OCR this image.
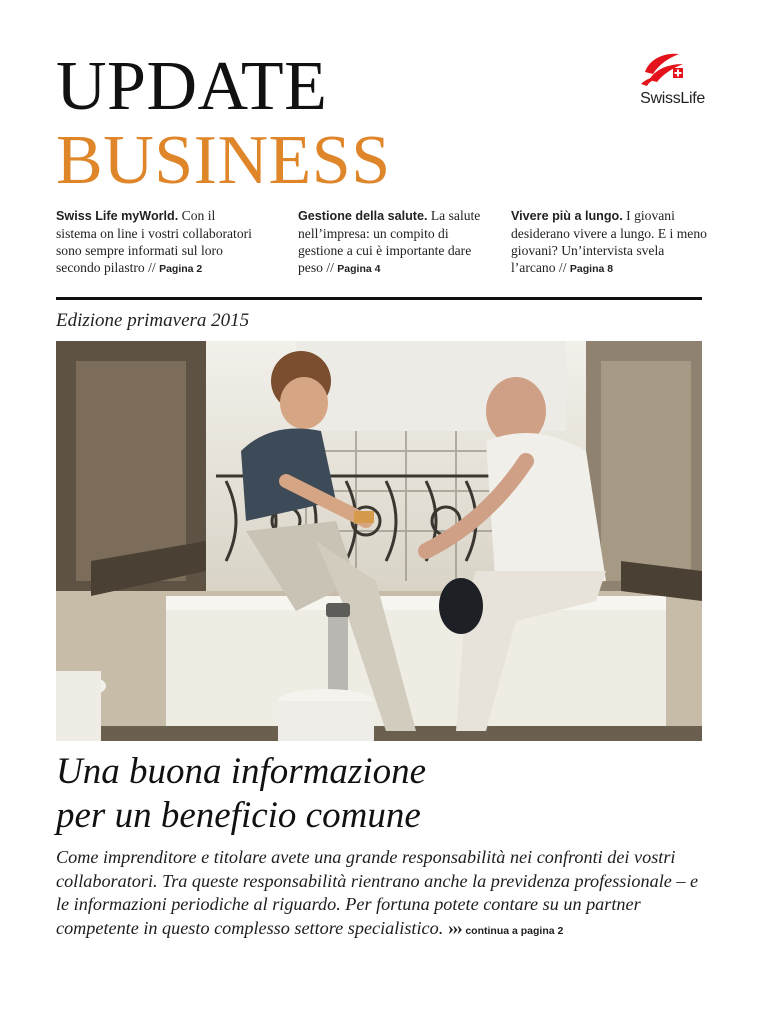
UPDATE
BUSINESS
SwissLife
Swiss Life myWorld. Con il sistema on line i vostri collaboratori sono sempre informati sul loro secondo pilastro // Pagina 2
Gestione della salute. La salute nell’impresa: un compito di gestione a cui è importante dare peso // Pagina 4
Vivere più a lungo. I giovani desiderano vivere a lungo. E i meno giovani? Un’intervista svela l’arcano // Pagina 8
Edizione primavera 2015
Una buona informazione
per un beneficio comune
Come imprenditore e titolare avete una grande responsabilità nei confronti dei vostri collaboratori. Tra queste responsabilità rientrano anche la previdenza professionale – e le informazioni periodiche al riguardo. Per fortuna potete contare su un partner competente in questo complesso settore specialistico. ››› continua a pagina 2
